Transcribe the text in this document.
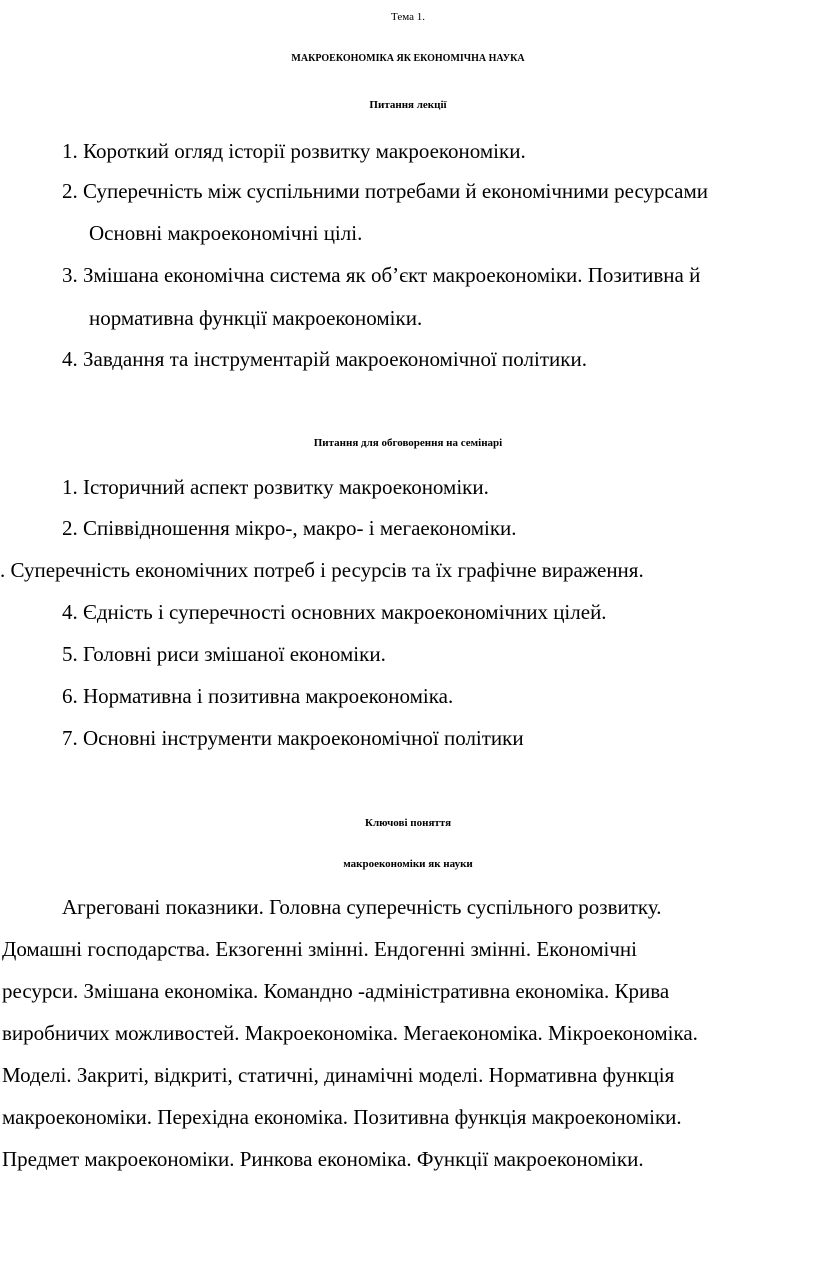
Тема 1.
МАКРОЕКОНОМІКА ЯК ЕКОНОМІЧНА НАУКА
Питання лекції
1. Короткий огляд історії розвитку макроекономіки.
2. Суперечність між суспільними потребами й економічними ресурсами
Основні макроекономічні цілі.
3. Змішана економічна система як об’єкт макроекономіки. Позитивна й
нормативна функції макроекономіки.
4. Завдання та інструментарій макроекономічної політики.
Питання для обговорення на семінарі
1. Історичний аспект розвитку макроекономіки.
2. Співвідношення мікро-, макро- і мегаекономіки.
. Суперечність економічних потреб і ресурсів та їх графічне вираження.
4. Єдність і суперечності основних макроекономічних цілей.
5. Головні риси змішаної економіки.
6. Нормативна і позитивна макроекономіка.
7. Основні інструменти макроекономічної політики
Ключові поняття
макроекономіки як науки
Агреговані показники. Головна суперечність суспільного розвитку.
Домашні господарства. Екзогенні змінні. Ендогенні змінні. Економічні
ресурси. Змішана економіка. Командно -адміністративна економіка. Крива
виробничих можливостей. Макроекономіка. Мегаекономіка. Мікроекономіка.
Моделі. Закриті, відкриті, статичні, динамічні моделі. Нормативна функція
макроекономіки. Перехідна економіка. Позитивна функція макроекономіки.
Предмет макроекономіки. Ринкова економіка. Функції макроекономіки.
